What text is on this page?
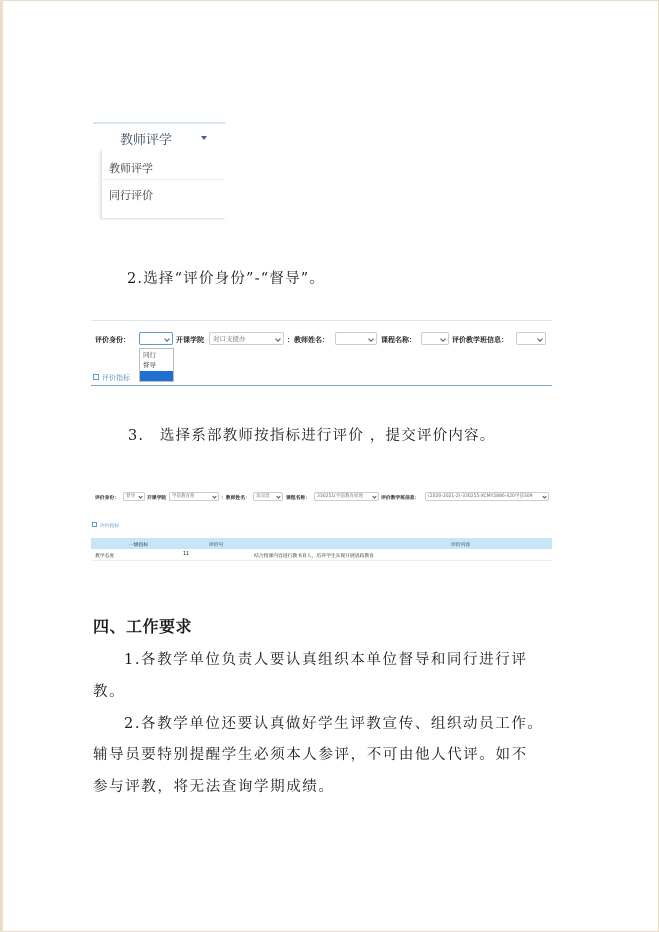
教师评学
教师评学
同行评价
2.选择“评价身份”-“督导”。
评价身份：	开课学院	对口支援办	：教师姓名：	课程名称：	评价教学班信息：
同行
督导
评价指标
3.　选择系部教师按指标进行评价 ，提交评价内容。
评价身份：	督导	开课学院	学前教育系	：教师姓名：	余凉萱	课程名称：	330251(学前教育原理	评价教学班信息：	(2020-2021-2)-330255-XCMY2886-420学前309
评价指标
一级指标	评价号	评价内容
教学态度	11	结合授课内容进行教书育人，培养学生实现开展思政教育
四、工作要求
1.各教学单位负责人要认真组织本单位督导和同行进行评
教。
2.各教学单位还要认真做好学生评教宣传、组织动员工作。
辅导员要特别提醒学生必须本人参评，不可由他人代评。如不
参与评教，将无法查询学期成绩。
